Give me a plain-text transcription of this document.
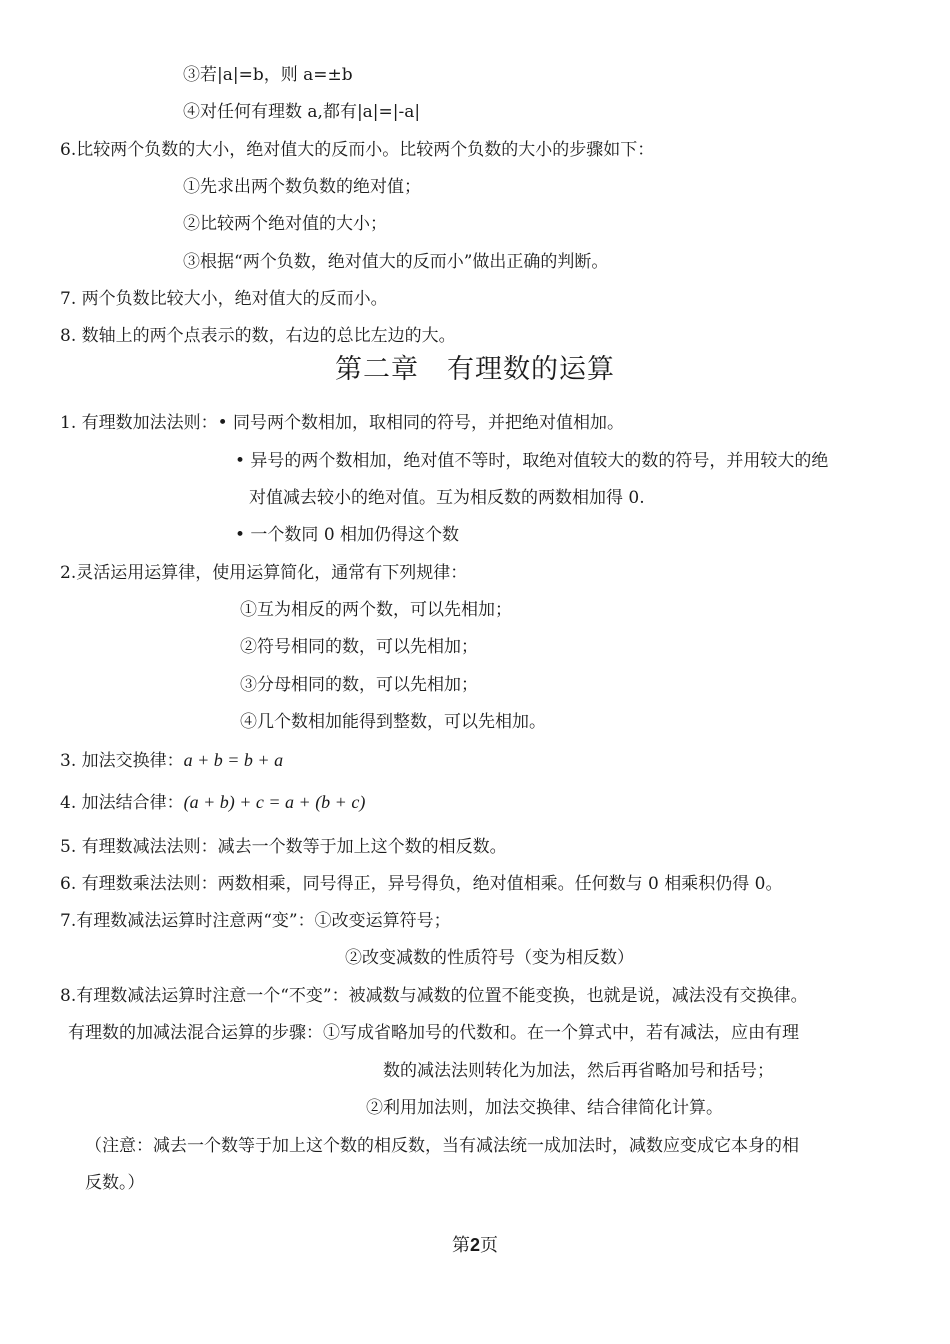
③若|a|=b，则 a=±b
④对任何有理数 a,都有|a|=|-a|
6.比较两个负数的大小，绝对值大的反而小。比较两个负数的大小的步骤如下：
①先求出两个数负数的绝对值；
②比较两个绝对值的大小；
③根据“两个负数，绝对值大的反而小”做出正确的判断。
7. 两个负数比较大小，绝对值大的反而小。
8. 数轴上的两个点表示的数，右边的总比左边的大。
第二章　有理数的运算
1. 有理数加法法则：• 同号两个数相加，取相同的符号，并把绝对值相加。
• 异号的两个数相加，绝对值不等时，取绝对值较大的数的符号，并用较大的绝
对值减去较小的绝对值。互为相反数的两数相加得 0.
• 一个数同 0 相加仍得这个数
2.灵活运用运算律，使用运算简化，通常有下列规律：
①互为相反的两个数，可以先相加；
②符号相同的数，可以先相加；
③分母相同的数，可以先相加；
④几个数相加能得到整数，可以先相加。
3. 加法交换律：a + b = b + a
4. 加法结合律：(a + b) + c = a + (b + c)
5. 有理数减法法则：减去一个数等于加上这个数的相反数。
6. 有理数乘法法则：两数相乘，同号得正，异号得负，绝对值相乘。任何数与 0 相乘积仍得 0。
7.有理数减法运算时注意两“变”：①改变运算符号；
②改变减数的性质符号（变为相反数）
8.有理数减法运算时注意一个“不变”：被减数与减数的位置不能变换，也就是说，减法没有交换律。
有理数的加减法混合运算的步骤：①写成省略加号的代数和。在一个算式中，若有减法，应由有理
数的减法法则转化为加法，然后再省略加号和括号；
②利用加法则，加法交换律、结合律简化计算。
（注意：减去一个数等于加上这个数的相反数，当有减法统一成加法时，减数应变成它本身的相
反数。）
第2页
